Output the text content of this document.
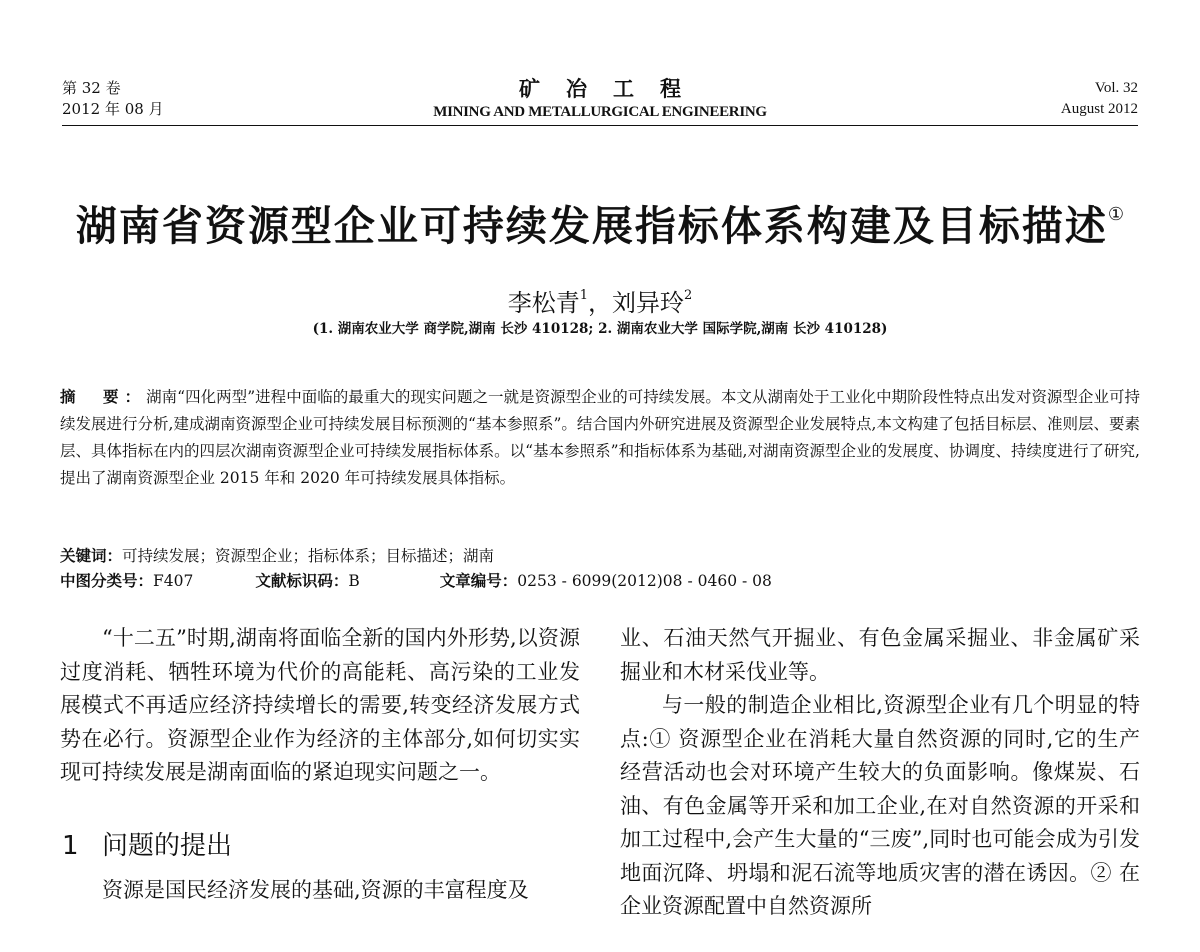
第 32 卷
2012 年 08 月
矿冶工程
MINING AND METALLURGICAL ENGINEERING
Vol. 32
August 2012
湖南省资源型企业可持续发展指标体系构建及目标描述①
李松青$^1$，刘异玲$^2$
(1. 湖南农业大学 商学院,湖南 长沙 410128; 2. 湖南农业大学 国际学院,湖南 长沙 410128)
摘　要：湖南“四化两型”进程中面临的最重大的现实问题之一就是资源型企业的可持续发展。本文从湖南处于工业化中期阶段性特点出发对资源型企业可持续发展进行分析,建成湖南资源型企业可持续发展目标预测的“基本参照系”。结合国内外研究进展及资源型企业发展特点,本文构建了包括目标层、准则层、要素层、具体指标在内的四层次湖南资源型企业可持续发展指标体系。以“基本参照系”和指标体系为基础,对湖南资源型企业的发展度、协调度、持续度进行了研究,提出了湖南资源型企业 2015 年和 2020 年可持续发展具体指标。
关键词：可持续发展；资源型企业；指标体系；目标描述；湖南
中图分类号：F407	文献标识码：B	文章编号：0253 - 6099(2012)08 - 0460 - 08

“十二五”时期,湖南将面临全新的国内外形势,以资源过度消耗、牺牲环境为代价的高能耗、高污染的工业发展模式不再适应经济持续增长的需要,转变经济发展方式势在必行。资源型企业作为经济的主体部分,如何切实实现可持续发展是湖南面临的紧迫现实问题之一。

1 问题的提出

资源是国民经济发展的基础,资源的丰富程度及

业、石油天然气开掘业、有色金属采掘业、非金属矿采掘业和木材采伐业等。

与一般的制造企业相比,资源型企业有几个明显的特点:① 资源型企业在消耗大量自然资源的同时,它的生产经营活动也会对环境产生较大的负面影响。像煤炭、石油、有色金属等开采和加工企业,在对自然资源的开采和加工过程中,会产生大量的“三废”,同时也可能会成为引发地面沉降、坍塌和泥石流等地质灾害的潜在诱因。② 在企业资源配置中自然资源所
